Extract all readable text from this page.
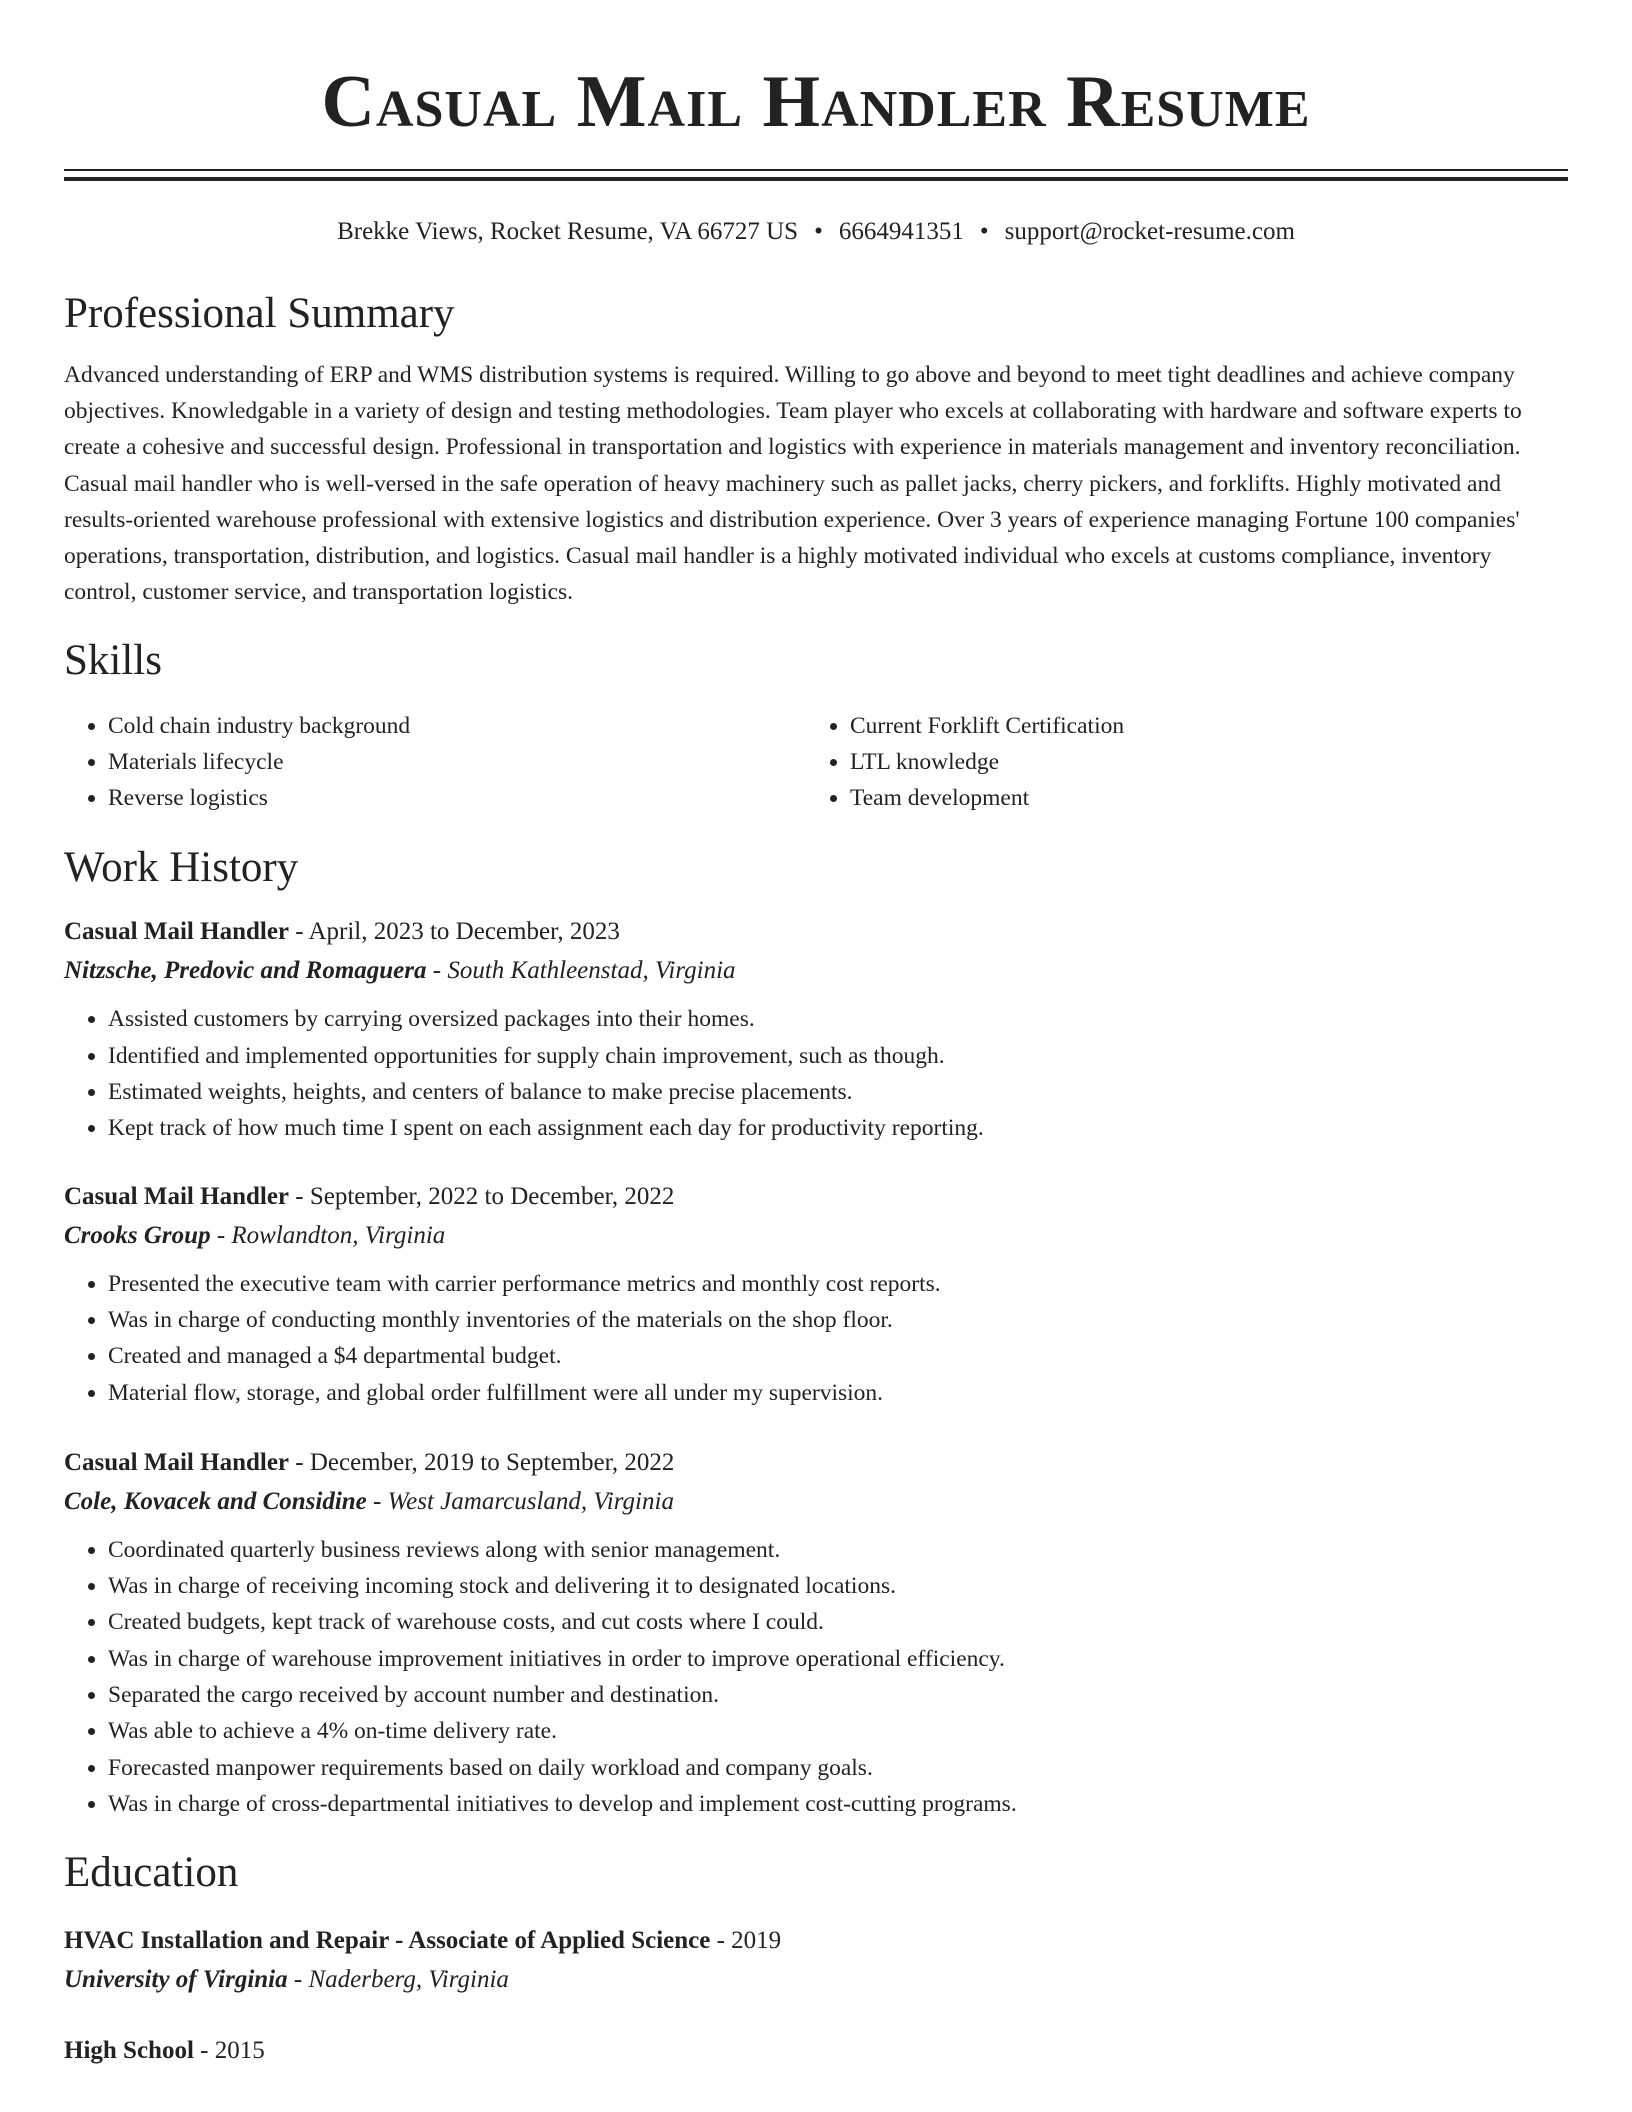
Casual Mail Handler Resume
Brekke Views, Rocket Resume, VA 66727 US • 6664941351 • support@rocket-resume.com
Professional Summary
Advanced understanding of ERP and WMS distribution systems is required. Willing to go above and beyond to meet tight deadlines and achieve company objectives. Knowledgable in a variety of design and testing methodologies. Team player who excels at collaborating with hardware and software experts to create a cohesive and successful design. Professional in transportation and logistics with experience in materials management and inventory reconciliation. Casual mail handler who is well-versed in the safe operation of heavy machinery such as pallet jacks, cherry pickers, and forklifts. Highly motivated and results-oriented warehouse professional with extensive logistics and distribution experience. Over 3 years of experience managing Fortune 100 companies' operations, transportation, distribution, and logistics. Casual mail handler is a highly motivated individual who excels at customs compliance, inventory control, customer service, and transportation logistics.
Skills
• Cold chain industry background
• Materials lifecycle
• Reverse logistics
• Current Forklift Certification
• LTL knowledge
• Team development
Work History
Casual Mail Handler - April, 2023 to December, 2023
Nitzsche, Predovic and Romaguera - South Kathleenstad, Virginia
• Assisted customers by carrying oversized packages into their homes.
• Identified and implemented opportunities for supply chain improvement, such as though.
• Estimated weights, heights, and centers of balance to make precise placements.
• Kept track of how much time I spent on each assignment each day for productivity reporting.
Casual Mail Handler - September, 2022 to December, 2022
Crooks Group - Rowlandton, Virginia
• Presented the executive team with carrier performance metrics and monthly cost reports.
• Was in charge of conducting monthly inventories of the materials on the shop floor.
• Created and managed a $4 departmental budget.
• Material flow, storage, and global order fulfillment were all under my supervision.
Casual Mail Handler - December, 2019 to September, 2022
Cole, Kovacek and Considine - West Jamarcusland, Virginia
• Coordinated quarterly business reviews along with senior management.
• Was in charge of receiving incoming stock and delivering it to designated locations.
• Created budgets, kept track of warehouse costs, and cut costs where I could.
• Was in charge of warehouse improvement initiatives in order to improve operational efficiency.
• Separated the cargo received by account number and destination.
• Was able to achieve a 4% on-time delivery rate.
• Forecasted manpower requirements based on daily workload and company goals.
• Was in charge of cross-departmental initiatives to develop and implement cost-cutting programs.
Education
HVAC Installation and Repair - Associate of Applied Science - 2019
University of Virginia - Naderberg, Virginia
High School - 2015
